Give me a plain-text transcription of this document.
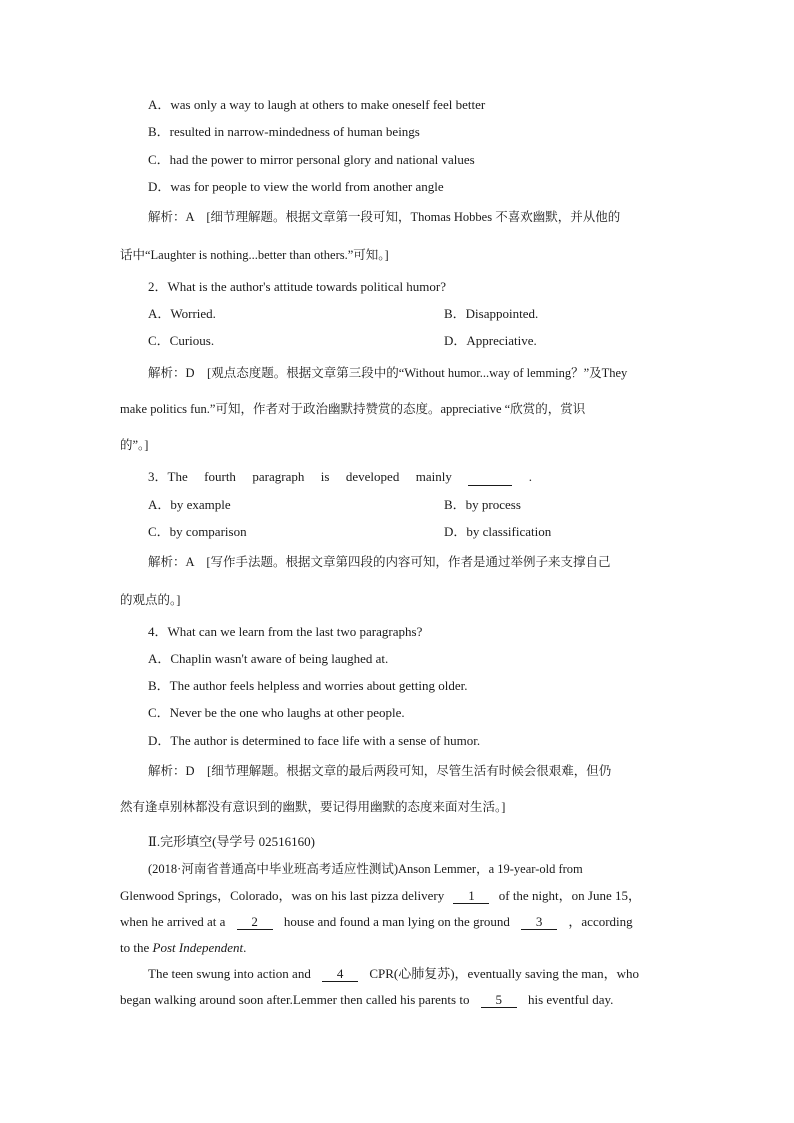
A．was only a way to laugh at others to make oneself feel better
B．resulted in narrow-mindedness of human beings
C．had the power to mirror personal glory and national values
D．was for people to view the world from another angle
解析：A　[细节理解题。根据文章第一段可知，Thomas Hobbes 不喜欢幽默，并从他的
话中“Laughter is nothing...better than others.”可知。]
2．What is the author's attitude towards political humor?
A．Worried.	B．Disappointed.
C．Curious.	D．Appreciative.
解析：D　[观点态度题。根据文章第三段中的“Without humor...way of lemming？”及They
make politics fun.”可知，作者对于政治幽默持赞赏的态度。appreciative “欣赏的，赏识
的”。]
3．The fourth paragraph is developed mainly
	.
A．by example	B．by process
C．by comparison	D．by classification
解析：A　[写作手法题。根据文章第四段的内容可知，作者是通过举例子来支撑自己
的观点的。]
4．What can we learn from the last two paragraphs?
A．Chaplin wasn't aware of being laughed at.
B．The author feels helpless and worries about getting older.
C．Never be the one who laughs at other people.
D．The author is determined to face life with a sense of humor.
解析：D　[细节理解题。根据文章的最后两段可知，尽管生活有时候会很艰难，但仍
然有逢卓别林都没有意识到的幽默，要记得用幽默的态度来面对生活。]
Ⅱ.完形填空(导学号 02516160)
(2018·河南省普通高中毕业班高考适应性测试)Anson Lemmer，a 19-year-old from
Glenwood Springs，Colorado，was on his last pizza delivery 1 of the night，on June 15，
when he arrived at a 2 house and found a man lying on the ground 3 ，according
to the Post Independent.
The teen swung into action and 4 CPR(心肺复苏)，eventually saving the man，who
began walking around soon after.Lemmer then called his parents to 5 his eventful day.
